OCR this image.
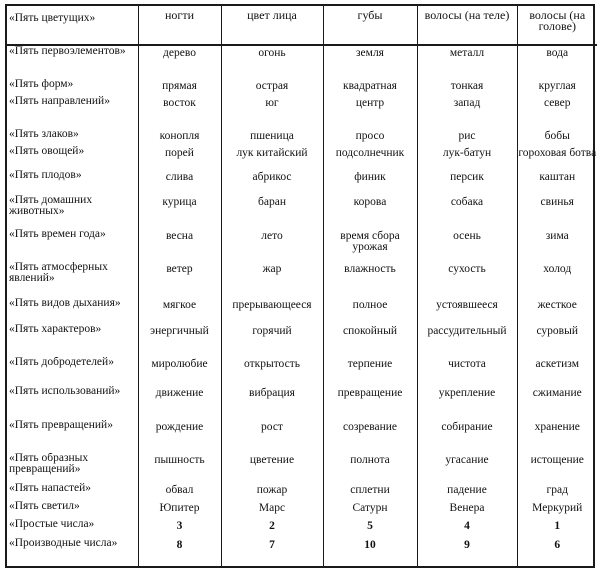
«Пять цветущих»	ногти	цвет лица	губы	волосы (на теле)	волосы (на голове)
«Пять первоэлементов»	дерево	огонь	земля	металл	вода
«Пять форм»	прямая	острая	квадратная	тонкая	круглая
«Пять направлений»	восток	юг	центр	запад	север
«Пять злаков»	конопля	пшеница	просо	рис	бобы
«Пять овощей»	порей	лук китайский	подсолнечник	лук-батун	гороховая ботва
«Пять плодов»	слива	абрикос	финик	персик	каштан
«Пять домашних животных»	курица	баран	корова	собака	свинья
«Пять времен года»	весна	лето	время сбора урожая	осень	зима
«Пять атмосферных явлений»	ветер	жар	влажность	сухость	холод
«Пять видов дыхания»	мягкое	прерывающееся	полное	устоявшееся	жесткое
«Пять характеров»	энергичный	горячий	спокойный	рассудительный	суровый
«Пять добродетелей»	миролюбие	открытость	терпение	чистота	аскетизм
«Пять использований»	движение	вибрация	превращение	укрепление	сжимание
«Пять превращений»	рождение	рост	созревание	собирание	хранение
«Пять образных превращений»	пышность	цветение	полнота	угасание	истощение
«Пять напастей»	обвал	пожар	сплетни	падение	град
«Пять светил»	Юпитер	Марс	Сатурн	Венера	Меркурий
«Простые числа»	3	2	5	4	1
«Производные числа»	8	7	10	9	6
